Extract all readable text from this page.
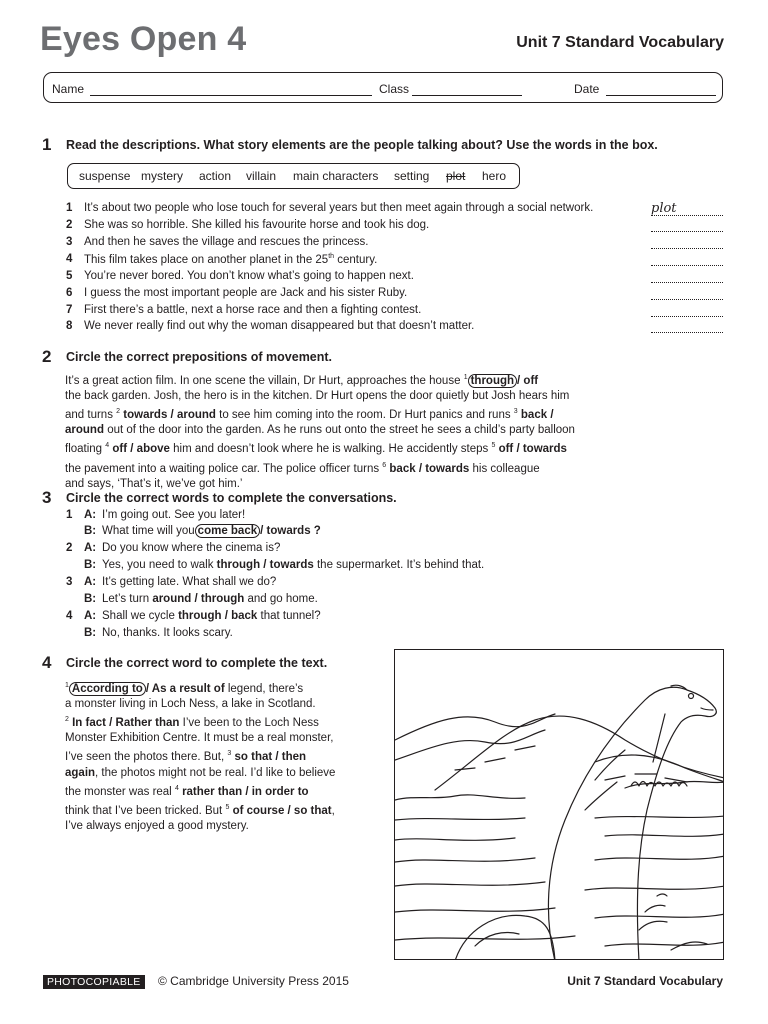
Eyes Open 4	Unit 7 Standard Vocabulary
Name	Class	Date
1 Read the descriptions. What story elements are the people talking about? Use the words in the box.
suspense mystery action villain main characters setting plot hero
1 It’s about two people who lose touch for several years but then meet again through a social network.	plot
2 She was so horrible. She killed his favourite horse and took his dog.
3 And then he saves the village and rescues the princess.
4 This film takes place on another planet in the 25th century.
5 You’re never bored. You don’t know what’s going to happen next.
6 I guess the most important people are Jack and his sister Ruby.
7 First there’s a battle, next a horse race and then a fighting contest.
8 We never really find out why the woman disappeared but that doesn’t matter.
2 Circle the correct prepositions of movement.
It’s a great action film. In one scene the villain, Dr Hurt, approaches the house $^1$ through / off
the back garden. Josh, the hero is in the kitchen. Dr Hurt opens the door quietly but Josh hears him
and turns $^2$ towards / around to see him coming into the room. Dr Hurt panics and runs $^3$ back /
around out of the door into the garden. As he runs out onto the street he sees a child’s party balloon
floating $^4$ off / above him and doesn’t look where he is walking. He accidently steps $^5$ off / towards
the pavement into a waiting police car. The police officer turns $^6$ back / towards his colleague
and says, ‘That’s it, we’ve got him.’
3 Circle the correct words to complete the conversations.
1 A: I’m going out. See you later!
B: What time will you come back / towards ?
2 A: Do you know where the cinema is?
B: Yes, you need to walk through / towards the supermarket. It’s behind that.
3 A: It’s getting late. What shall we do?
B: Let’s turn around / through and go home.
4 A: Shall we cycle through / back that tunnel?
B: No, thanks. It looks scary.
4 Circle the correct word to complete the text.
$^1$ According to / As a result of legend, there’s
a monster living in Loch Ness, a lake in Scotland.
$^2$ In fact / Rather than I’ve been to the Loch Ness
Monster Exhibition Centre. It must be a real monster,
I’ve seen the photos there. But, $^3$ so that / then
again, the photos might not be real. I’d like to believe
the monster was real $^4$ rather than / in order to
think that I’ve been tricked. But $^5$ of course / so that,
I’ve always enjoyed a good mystery.
PHOTOCOPIABLE	© Cambridge University Press 2015	Unit 7 Standard Vocabulary
